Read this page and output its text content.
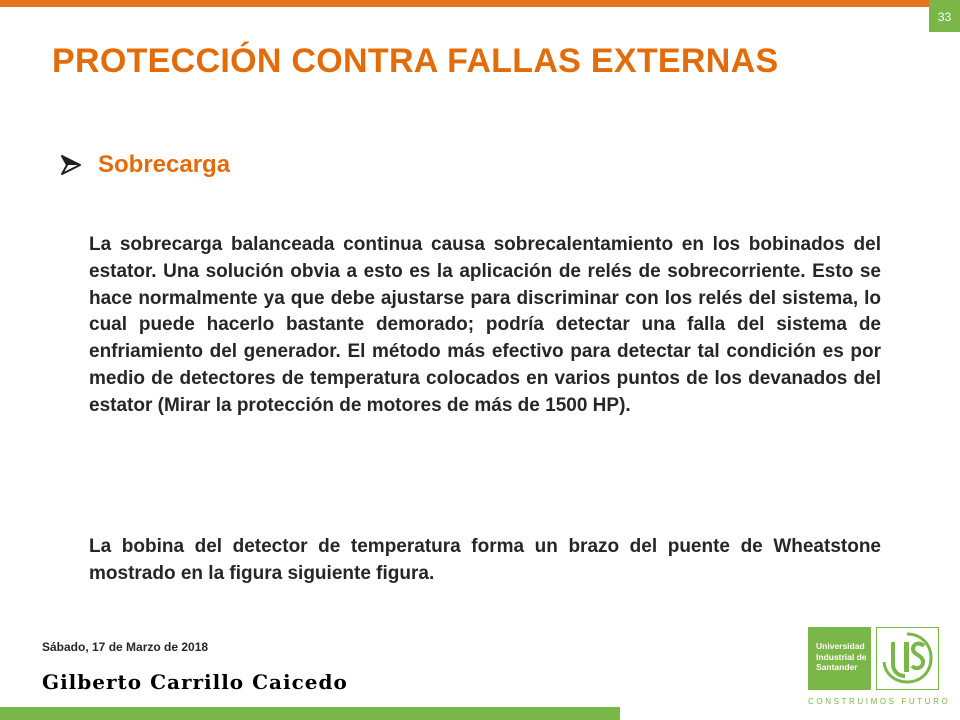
33
PROTECCIÓN CONTRA FALLAS EXTERNAS
Sobrecarga
La sobrecarga balanceada continua causa sobrecalentamiento en los bobinados del estator. Una solución obvia a esto es la aplicación de relés de sobrecorriente. Esto se hace normalmente ya que debe ajustarse para discriminar con los relés del sistema, lo cual puede hacerlo bastante demorado; podría detectar una falla del sistema de enfriamiento del generador. El método más efectivo para detectar tal condición es por medio de detectores de temperatura colocados en varios puntos de los devanados del estator (Mirar la protección de motores de más de 1500 HP).
La bobina del detector de temperatura forma un brazo del puente de Wheatstone mostrado en la figura siguiente figura.
Sábado, 17 de Marzo de 2018
Gilberto Carrillo Caicedo
Universidad
Industrial de
Santander
CONSTRUIMOS FUTURO
